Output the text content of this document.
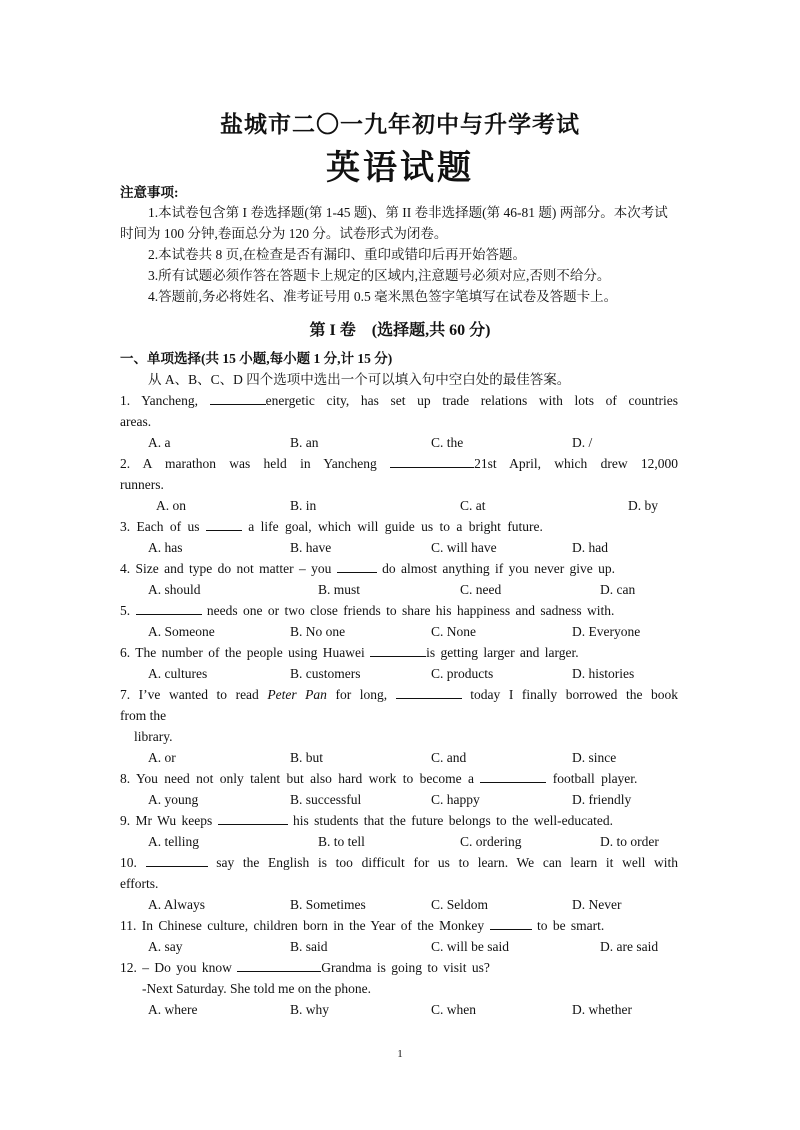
盐城市二〇一九年初中与升学考试
英语试题
注意事项:
1.本试卷包含第 I 卷选择题(第 1-45 题)、第 II 卷非选择题(第 46-81 题) 两部分。本次考试
时间为 100 分钟,卷面总分为 120 分。试卷形式为闭卷。
2.本试卷共 8 页,在检查是否有漏印、重印或错印后再开始答题。
3.所有试题必须作答在答题卡上规定的区域内,注意题号必须对应,否则不给分。
4.答题前,务必将姓名、准考证号用 0.5 毫米黑色签字笔填写在试卷及答题卡上。
第 I 卷　(选择题,共 60 分)
一、单项选择(共 15 小题,每小题 1 分,计 15 分)
从 A、B、C、D 四个选项中选出一个可以填入句中空白处的最佳答案。
1. Yancheng,	energetic city, has set up trade relations with lots of countries
areas.
A. a	B. an	C. the	D. /
2. A marathon was held in Yancheng	21st April, which drew 12,000
runners.
A. on	B. in	C. at	D. by
3. Each of us	a life goal, which will guide us to a bright future.
A. has	B. have	C. will have	D. had
4. Size and type do not matter – you	do almost anything if you never give up.
A. should	B. must	C. need	D. can
5.	needs one or two close friends to share his happiness and sadness with.
A. Someone	B. No one	C. None	D. Everyone
6. The number of the people using Huawei	is getting larger and larger.
A. cultures	B. customers	C. products	D. histories
7. I’ve wanted to read Peter Pan for long,	today I finally borrowed the book
from the
library.
A. or	B. but	C. and	D. since
8. You need not only talent but also hard work to become a	football player.
A. young	B. successful	C. happy	D. friendly
9. Mr Wu keeps	his students that the future belongs to the well-educated.
A. telling	B. to tell	C. ordering	D. to order
10.	say the English is too difficult for us to learn. We can learn it well with
efforts.
A. Always	B. Sometimes	C. Seldom	D. Never
11. In Chinese culture, children born in the Year of the Monkey	to be smart.
A. say	B. said	C. will be said	D. are said
12. – Do you know	Grandma is going to visit us?
-Next Saturday. She told me on the phone.
A. where	B. why	C. when	D. whether
1
